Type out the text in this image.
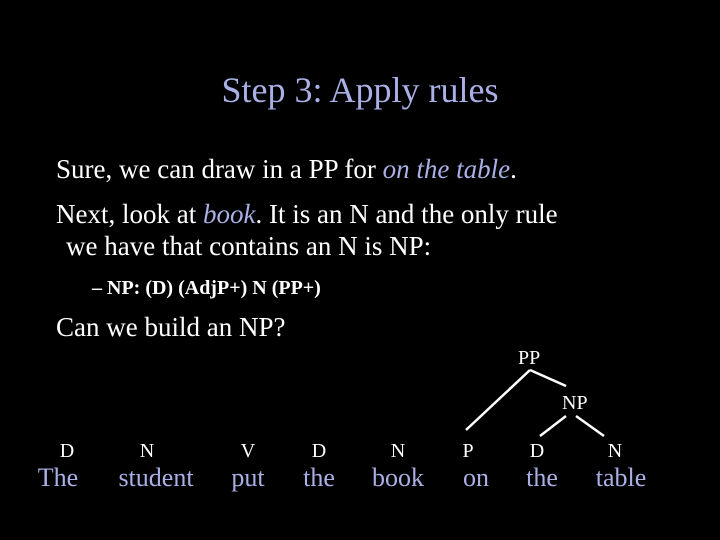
Step 3: Apply rules
Sure, we can draw in a PP for on the table.
Next, look at book. It is an N and the only rule
we have that contains an N is NP:
– NP: (D) (AdjP+) N (PP+)
Can we build an NP?
PP
NP
D	N	V	D	N	P	D	N
The	student	put	the	book	on	the	table
